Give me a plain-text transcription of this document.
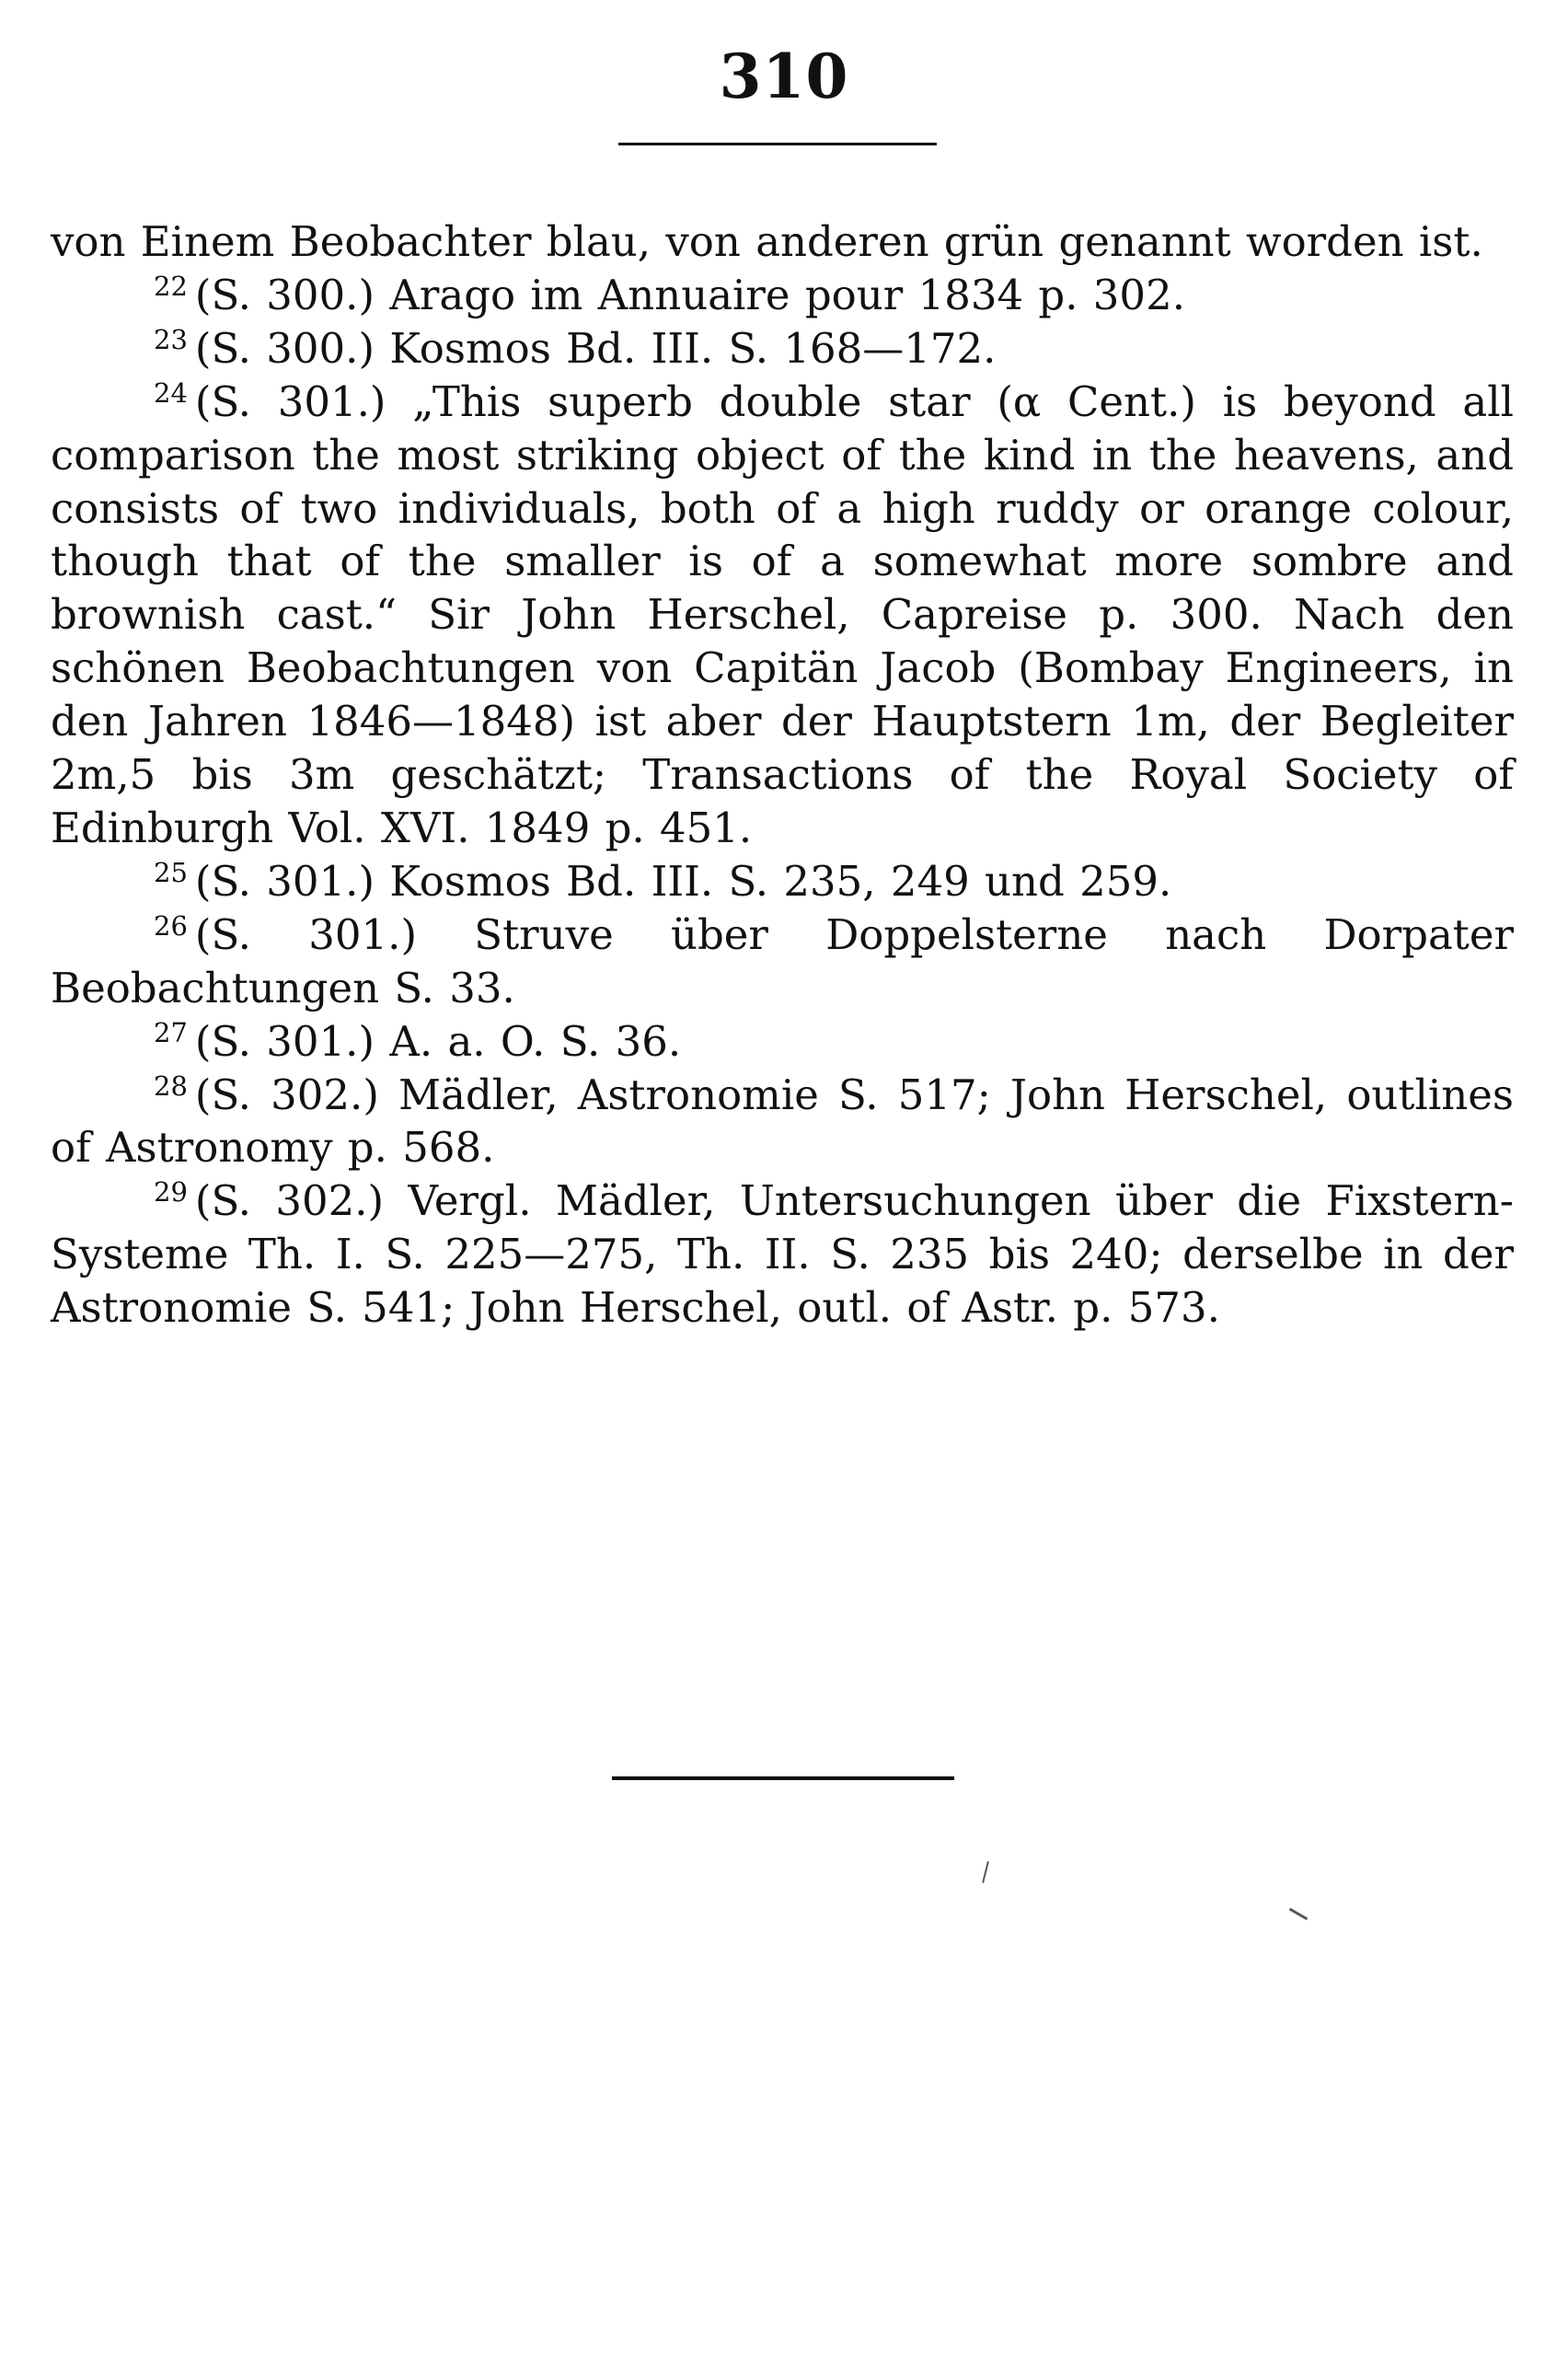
310

von Einem Beobachter blau, von anderen grün genannt worden ist.

$^{22}$ (S. 300.) Arago im Annuaire pour 1834 p. 302.

$^{23}$ (S. 300.) Kosmos Bd. III. S. 168—172.

$^{24}$ (S. 301.) „This superb double star (α Cent.) is beyond all comparison the most striking object of the kind in the heavens, and consists of two individuals, both of a high ruddy or orange colour, though that of the smaller is of a somewhat more sombre and brownish cast.“ Sir John Herschel, Capreise p. 300. Nach den schönen Beobachtungen von Capitän Jacob (Bombay Engineers, in den Jahren 1846—1848) ist aber der Hauptstern 1m, der Begleiter 2m,5 bis 3m geschätzt; Transactions of the Royal Society of Edinburgh Vol. XVI. 1849 p. 451.

$^{25}$ (S. 301.) Kosmos Bd. III. S. 235, 249 und 259.

$^{26}$ (S. 301.) Struve über Doppelsterne nach Dorpater Beobachtungen S. 33.

$^{27}$ (S. 301.) A. a. O. S. 36.

$^{28}$ (S. 302.) Mädler, Astronomie S. 517; John Herschel, outlines of Astronomy p. 568.

$^{29}$ (S. 302.) Vergl. Mädler, Untersuchungen über die Fixstern-Systeme Th. I. S. 225—275, Th. II. S. 235 bis 240; derselbe in der Astronomie S. 541; John Herschel, outl. of Astr. p. 573.
